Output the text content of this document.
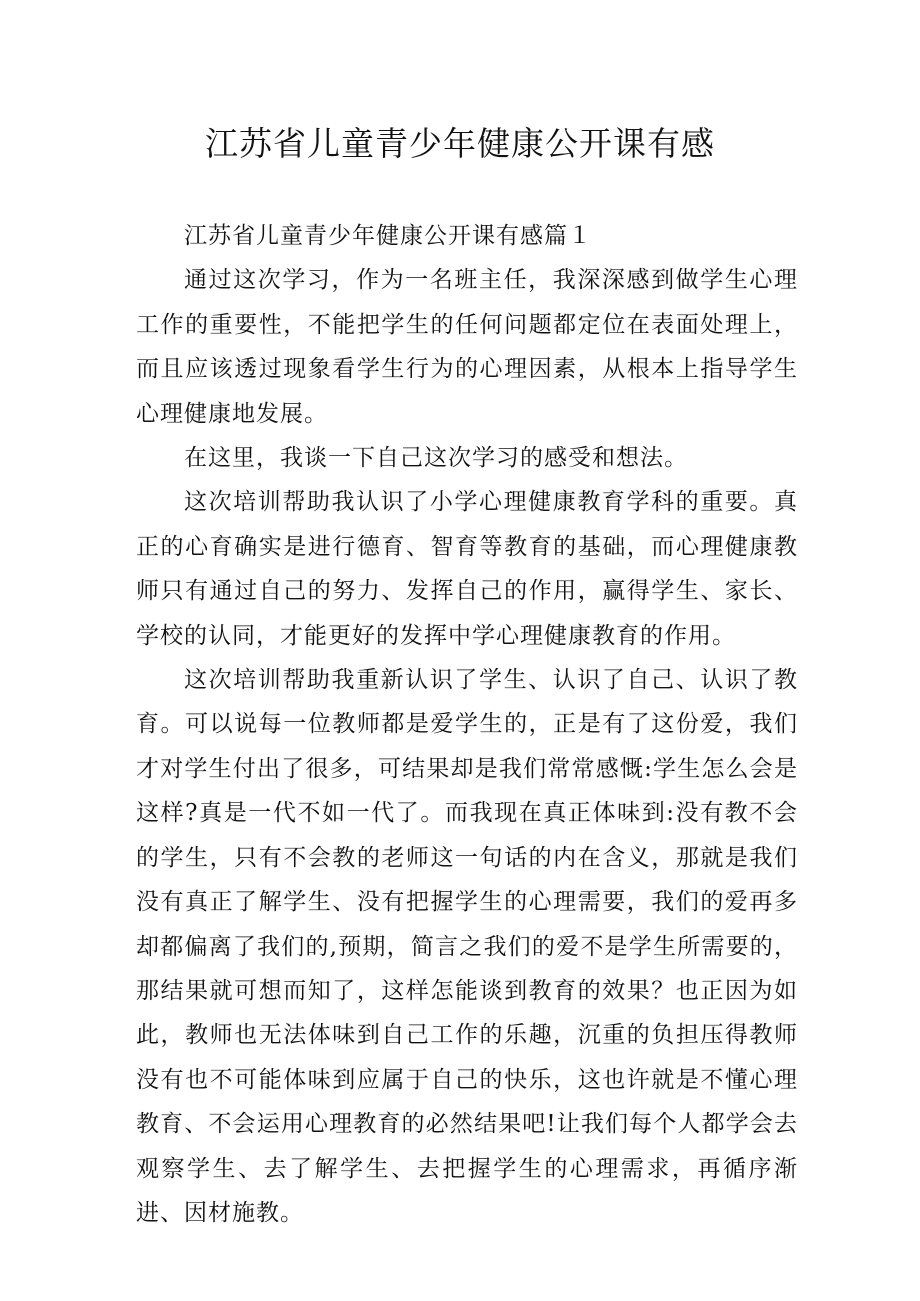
江苏省儿童青少年健康公开课有感

江苏省儿童青少年健康公开课有感篇１

通过这次学习，作为一名班主任，我深深感到做学生心理工作的重要性，不能把学生的任何问题都定位在表面处理上，而且应该透过现象看学生行为的心理因素，从根本上指导学生心理健康地发展。

在这里，我谈一下自己这次学习的感受和想法。

这次培训帮助我认识了小学心理健康教育学科的重要。真正的心育确实是进行德育、智育等教育的基础，而心理健康教师只有通过自己的努力、发挥自己的作用，赢得学生、家长、学校的认同，才能更好的发挥中学心理健康教育的作用。

这次培训帮助我重新认识了学生、认识了自己、认识了教育。可以说每一位教师都是爱学生的，正是有了这份爱，我们才对学生付出了很多，可结果却是我们常常感慨:学生怎么会是这样?真是一代不如一代了。而我现在真正体味到:没有教不会的学生，只有不会教的老师这一句话的内在含义，那就是我们没有真正了解学生、没有把握学生的心理需要，我们的爱再多却都偏离了我们的,预期，简言之我们的爱不是学生所需要的，那结果就可想而知了，这样怎能谈到教育的效果？也正因为如此，教师也无法体味到自己工作的乐趣，沉重的负担压得教师没有也不可能体味到应属于自己的快乐，这也许就是不懂心理教育、不会运用心理教育的必然结果吧!让我们每个人都学会去观察学生、去了解学生、去把握学生的心理需求，再循序渐进、因材施教。
